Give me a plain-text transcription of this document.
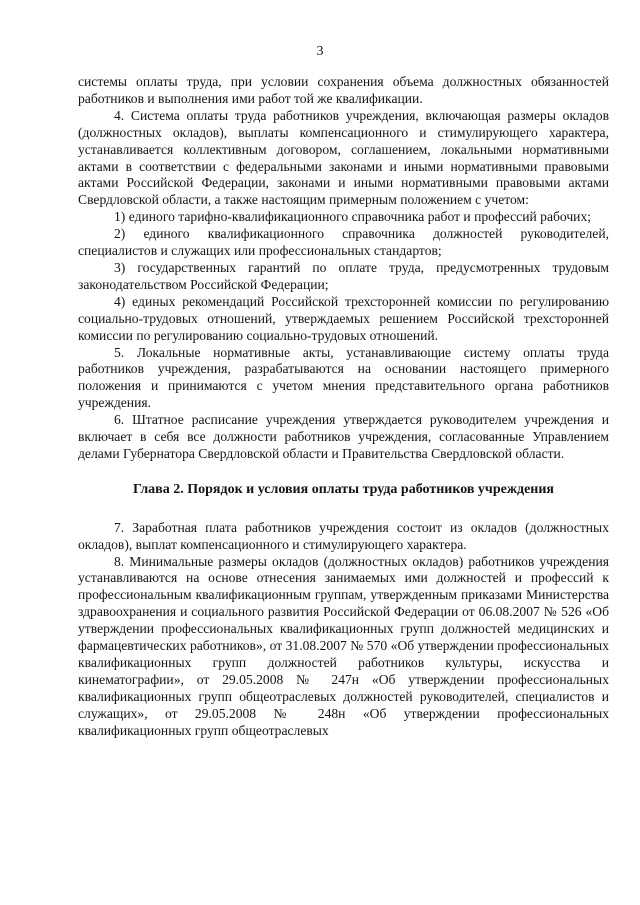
3

системы оплаты труда, при условии сохранения объема должностных обязанностей работников и выполнения ими работ той же квалификации.

4. Система оплаты труда работников учреждения, включающая размеры окладов (должностных окладов), выплаты компенсационного и стимулирующего характера, устанавливается коллективным договором, соглашением, локальными нормативными актами в соответствии с федеральными законами и иными нормативными правовыми актами Российской Федерации, законами и иными нормативными правовыми актами Свердловской области, а также настоящим примерным положением с учетом:

1) единого тарифно-квалификационного справочника работ и профессий рабочих;

2) единого квалификационного справочника должностей руководителей, специалистов и служащих или профессиональных стандартов;

3) государственных гарантий по оплате труда, предусмотренных трудовым законодательством Российской Федерации;

4) единых рекомендаций Российской трехсторонней комиссии по регулированию социально-трудовых отношений, утверждаемых решением Российской трехсторонней комиссии по регулированию социально-трудовых отношений.

5. Локальные нормативные акты, устанавливающие систему оплаты труда работников учреждения, разрабатываются на основании настоящего примерного положения и принимаются с учетом мнения представительного органа работников учреждения.

6. Штатное расписание учреждения утверждается руководителем учреждения и включает в себя все должности работников учреждения, согласованные Управлением делами Губернатора Свердловской области и Правительства Свердловской области.

Глава 2. Порядок и условия оплаты труда работников учреждения

7. Заработная плата работников учреждения состоит из окладов (должностных окладов), выплат компенсационного и стимулирующего характера.

8. Минимальные размеры окладов (должностных окладов) работников учреждения устанавливаются на основе отнесения занимаемых ими должностей и профессий к профессиональным квалификационным группам, утвержденным приказами Министерства здравоохранения и социального развития Российской Федерации от 06.08.2007 № 526 «Об утверждении профессиональных квалификационных групп должностей медицинских и фармацевтических работников», от 31.08.2007 № 570 «Об утверждении профессиональных квалификационных групп должностей работников культуры, искусства и кинематографии», от 29.05.2008 № 247н «Об утверждении профессиональных квалификационных групп общеотраслевых должностей руководителей, специалистов и служащих», от 29.05.2008 № 248н «Об утверждении профессиональных квалификационных групп общеотраслевых
